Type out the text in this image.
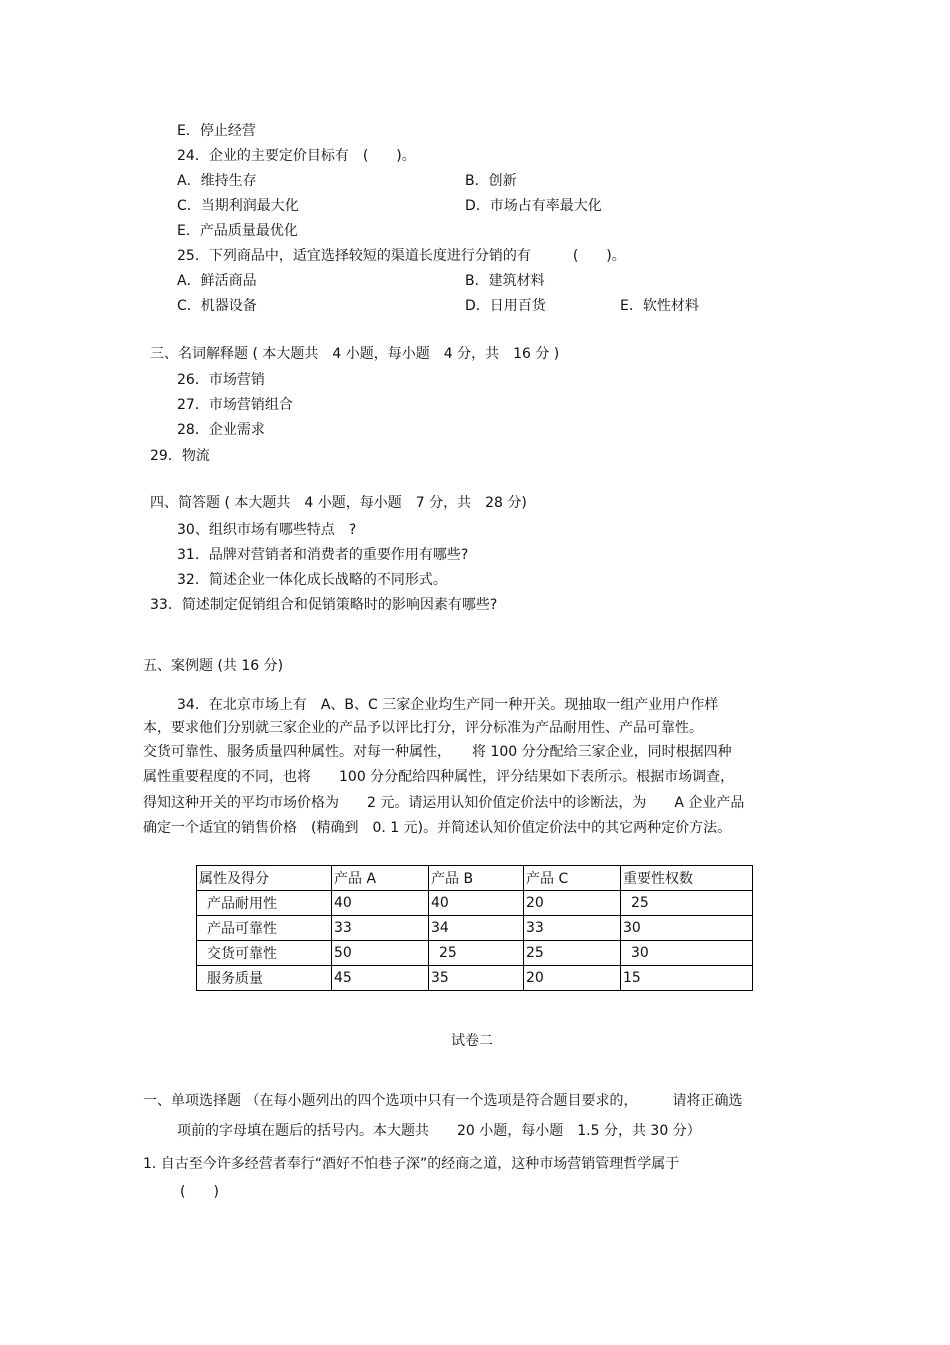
E．停止经营
24．企业的主要定价目标有　(　　)。
A．维持生存	B．创新
C．当期利润最大化	D．市场占有率最大化
E．产品质量最优化
25．下列商品中，适宜选择较短的渠道长度进行分销的有　　　(　　)。
A．鲜活商品	B．建筑材料
C．机器设备	D．日用百货	E．软性材料
三、名词解释题 ( 本大题共　4 小题，每小题　4 分，共　16 分 )
26．市场营销
27．市场营销组合
28．企业需求
29．物流
四、简答题 ( 本大题共　4 小题，每小题　7 分，共　28 分)
30、组织市场有哪些特点　?
31．品牌对营销者和消费者的重要作用有哪些?
32．简述企业一体化成长战略的不同形式。
33．简述制定促销组合和促销策略时的影响因素有哪些?
五、案例题 (共 16 分)
34．在北京市场上有　A、B、C 三家企业均生产同一种开关。现抽取一组产业用户作样
本，要求他们分别就三家企业的产品予以评比打分，评分标准为产品耐用性、产品可靠性。
交货可靠性、服务质量四种属性。对每一种属性，　　将 100 分分配给三家企业，同时根据四种
属性重要程度的不同，也将　　100 分分配给四种属性，评分结果如下表所示。根据市场调查，
得知这种开关的平均市场价格为　　2 元。请运用认知价值定价法中的诊断法，为　　A 企业产品
确定一个适宜的销售价格　(精确到　0. 1 元)。并简述认知价值定价法中的其它两种定价方法。
属性及得分	产品 A	产品 B	产品 C	重要性权数
产品耐用性	40	40	20	25
产品可靠性	33	34	33	30
交货可靠性	50	25	25	30
服务质量	45	35	20	15
试卷二
一、单项选择题 （在每小题列出的四个选项中只有一个选项是符合题目要求的，　　　请将正确选
项前的字母填在题后的括号内。本大题共　　20 小题，每小题　1.5 分，共 30 分）
1. 自古至今许多经营者奉行“酒好不怕巷子深”的经商之道，这种市场营销管理哲学属于
(　　)
